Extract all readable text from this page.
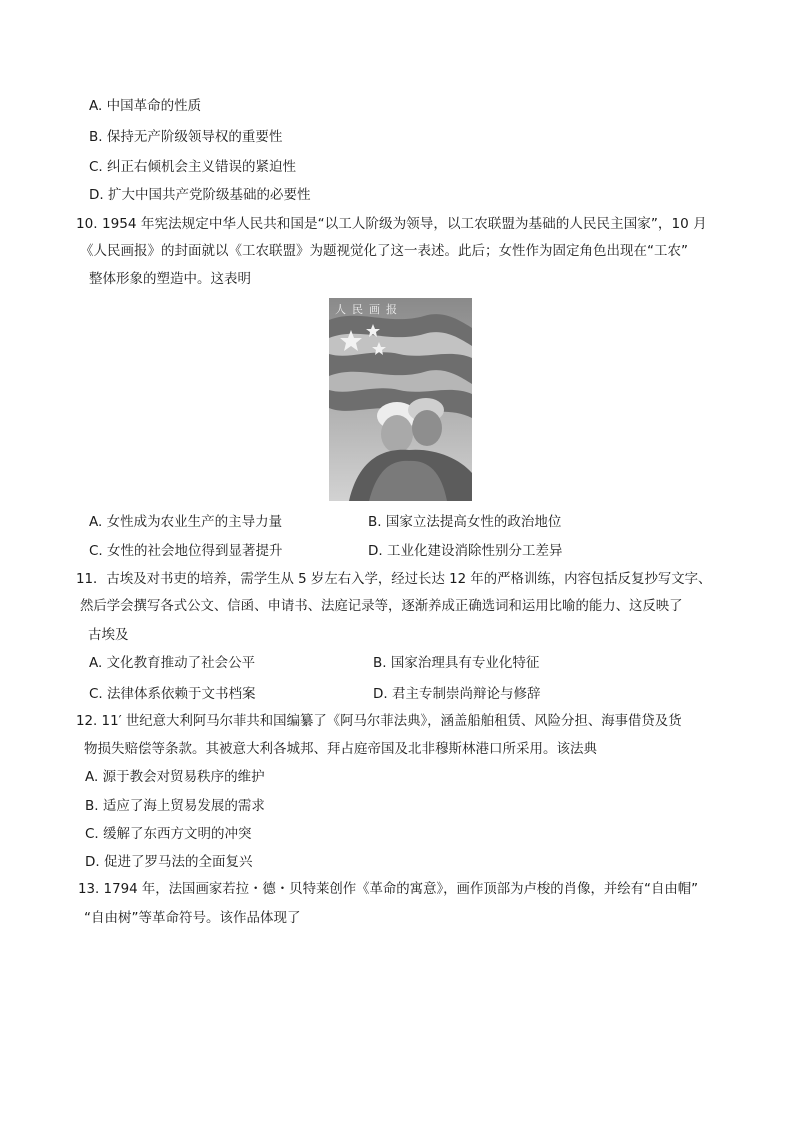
A. 中国革命的性质
B. 保持无产阶级领导权的重要性
C. 纠正右倾机会主义错误的紧迫性
D. 扩大中国共产党阶级基础的必要性
10. 1954 年宪法规定中华人民共和国是“以工人阶级为领导，以工农联盟为基础的人民民主国家”，10 月
《人民画报》的封面就以《工农联盟》为题视觉化了这一表述。此后；女性作为固定角色出现在“工农”
整体形象的塑造中。这表明
人民画报
A. 女性成为农业生产的主导力量	B. 国家立法提高女性的政治地位
C. 女性的社会地位得到显著提升	D. 工业化建设消除性别分工差异
11．古埃及对书吏的培养，需学生从 5 岁左右入学，经过长达 12 年的严格训练，内容包括反复抄写文字、
然后学会撰写各式公文、信函、申请书、法庭记录等，逐渐养成正确选词和运用比喻的能力、这反映了
古埃及
A. 文化教育推动了社会公平	B. 国家治理具有专业化特征
C. 法律体系依赖于文书档案	D. 君主专制崇尚辩论与修辞
12. 11′ 世纪意大利阿马尔菲共和国编纂了《阿马尔菲法典》，涵盖船舶租赁、风险分担、海事借贷及货
物损失赔偿等条款。其被意大利各城邦、拜占庭帝国及北非穆斯林港口所采用。该法典
A. 源于教会对贸易秩序的维护
B. 适应了海上贸易发展的需求
C. 缓解了东西方文明的冲突
D. 促进了罗马法的全面复兴
13. 1794 年，法国画家若拉・德・贝特莱创作《革命的寓意》，画作顶部为卢梭的肖像，并绘有“自由帽”
“自由树”等革命符号。该作品体现了
